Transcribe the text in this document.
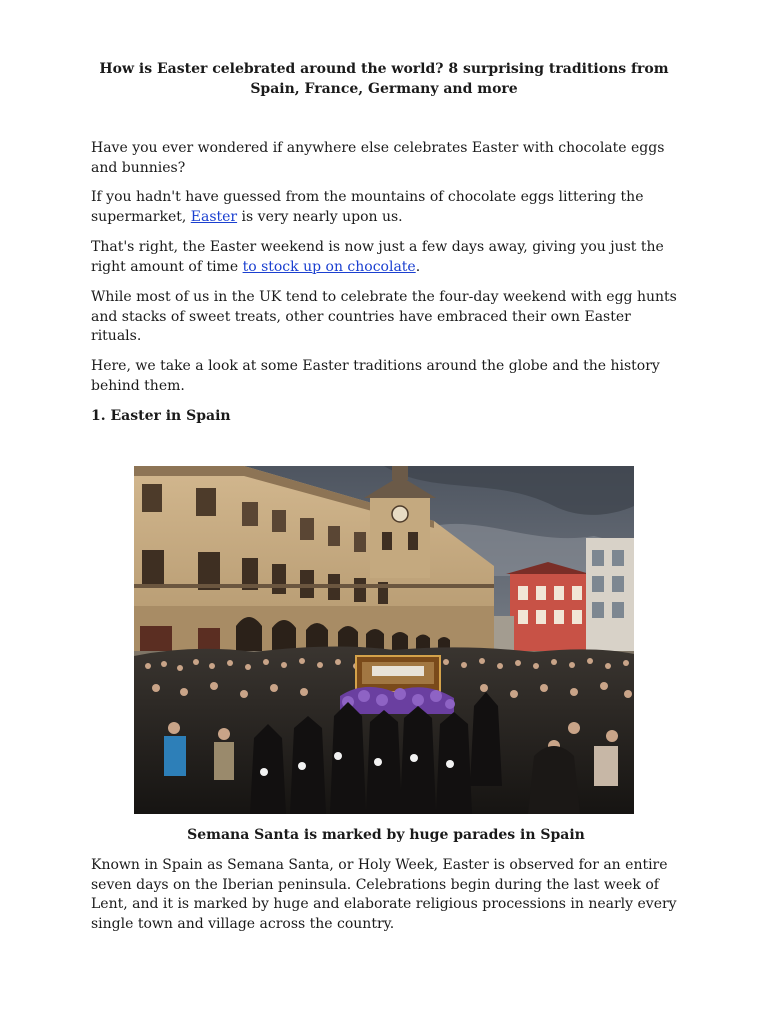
How is Easter celebrated around the world? 8 surprising traditions from Spain, France, Germany and more

Have you ever wondered if anywhere else celebrates Easter with chocolate eggs and bunnies?

If you hadn't have guessed from the mountains of chocolate eggs littering the supermarket, Easter is very nearly upon us.

That's right, the Easter weekend is now just a few days away, giving you just the right amount of time to stock up on chocolate.

While most of us in the UK tend to celebrate the four-day weekend with egg hunts and stacks of sweet treats, other countries have embraced their own Easter rituals.

Here, we take a look at some Easter traditions around the globe and the history behind them.

1. Easter in Spain
Semana Santa is marked by huge parades in Spain

Known in Spain as Semana Santa, or Holy Week, Easter is observed for an entire seven days on the Iberian peninsula. Celebrations begin during the last week of Lent, and it is marked by huge and elaborate religious processions in nearly every single town and village across the country.
